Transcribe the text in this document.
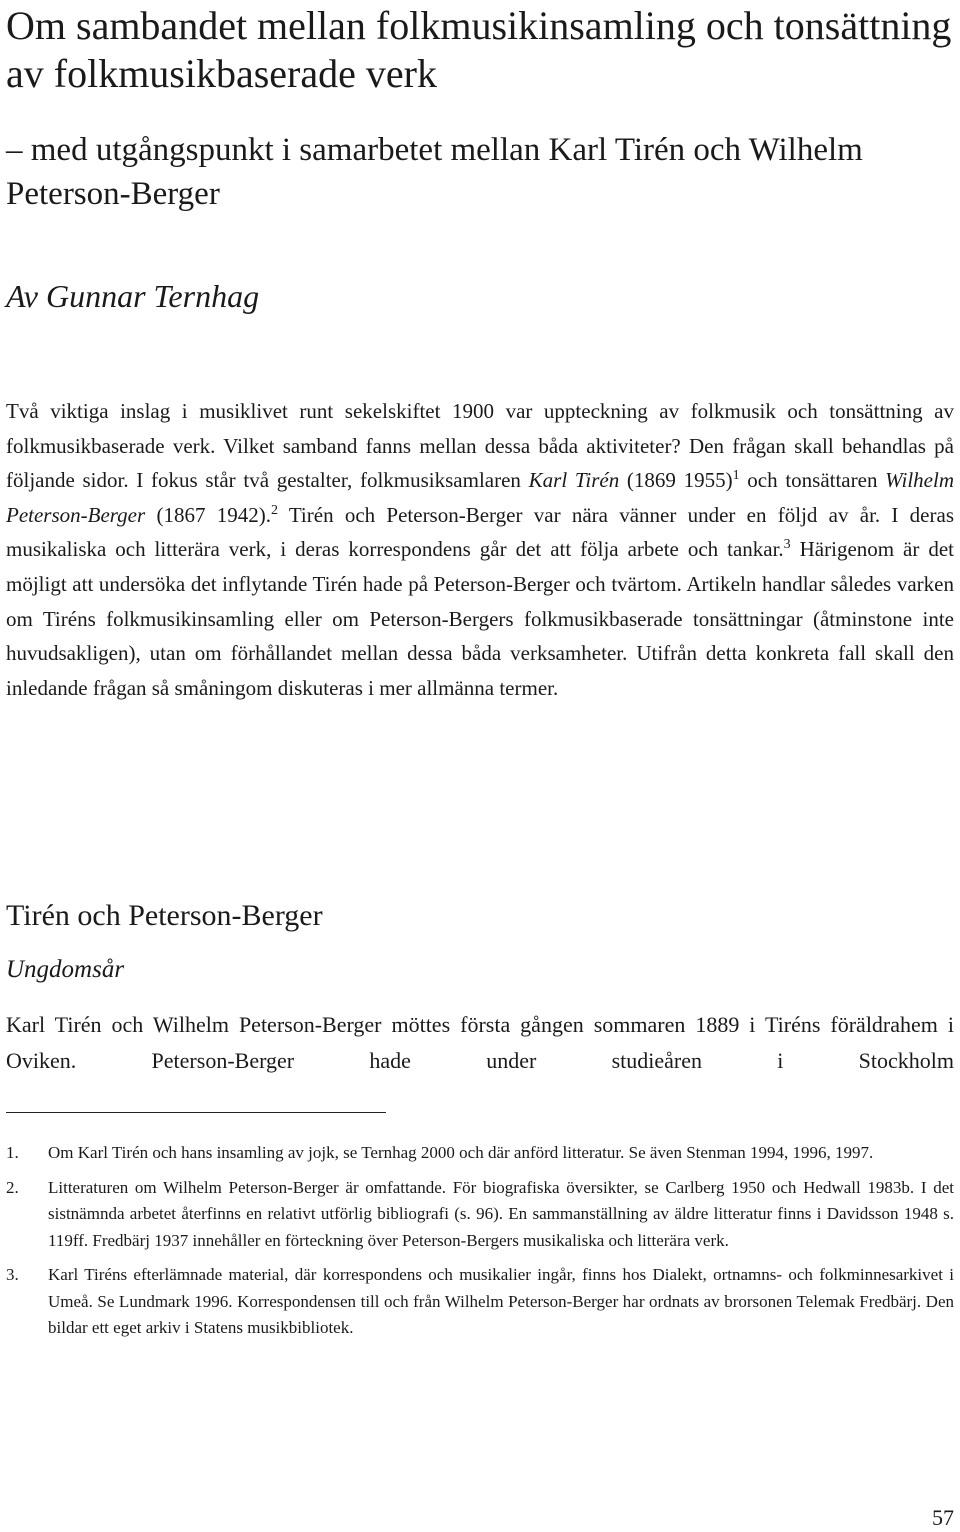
Om sambandet mellan folkmusikinsamling och tonsättning av folkmusikbaserade verk
– med utgångspunkt i samarbetet mellan Karl Tirén och Wilhelm Peterson-Berger

Av Gunnar Ternhag

Två viktiga inslag i musiklivet runt sekelskiftet 1900 var uppteckning av folkmusik och tonsättning av folkmusikbaserade verk. Vilket samband fanns mellan dessa båda aktiviteter? Den frågan skall behandlas på följande sidor. I fokus står två gestalter, folkmusiksamlaren Karl Tirén (1869 1955)$^1$ och tonsättaren Wilhelm Peterson-Berger (1867 1942).$^2$ Tirén och Peterson-Berger var nära vänner under en följd av år. I deras musikaliska och litterära verk, i deras korrespondens går det att följa arbete och tankar.$^3$ Härigenom är det möjligt att undersöka det inflytande Tirén hade på Peterson-Berger och tvärtom. Artikeln handlar således varken om Tiréns folkmusikinsamling eller om Peterson-Bergers folkmusikbaserade tonsättningar (åtminstone inte huvudsakligen), utan om förhållandet mellan dessa båda verksamheter. Utifrån detta konkreta fall skall den inledande frågan så småningom diskuteras i mer allmänna termer.

Tirén och Peterson-Berger
Ungdomsår

Karl Tirén och Wilhelm Peterson-Berger möttes första gången sommaren 1889 i Tiréns föräldrahem i Oviken. Peterson-Berger hade under studieåren i Stockholm

1.	Om Karl Tirén och hans insamling av jojk, se Ternhag 2000 och där anförd litteratur. Se även Stenman 1994, 1996, 1997.
2.	Litteraturen om Wilhelm Peterson-Berger är omfattande. För biografiska översikter, se Carlberg 1950 och Hedwall 1983b. I det sistnämnda arbetet återfinns en relativt utförlig bibliografi (s. 96). En sammanställning av äldre litteratur finns i Davidsson 1948 s. 119ff. Fredbärj 1937 innehåller en förteckning över Peterson-Bergers musikaliska och litterära verk.
3.	Karl Tiréns efterlämnade material, där korrespondens och musikalier ingår, finns hos Dialekt, ortnamns- och folkminnesarkivet i Umeå. Se Lundmark 1996. Korrespondensen till och från Wilhelm Peterson-Berger har ordnats av brorsonen Telemak Fredbärj. Den bildar ett eget arkiv i Statens musikbibliotek.
57
